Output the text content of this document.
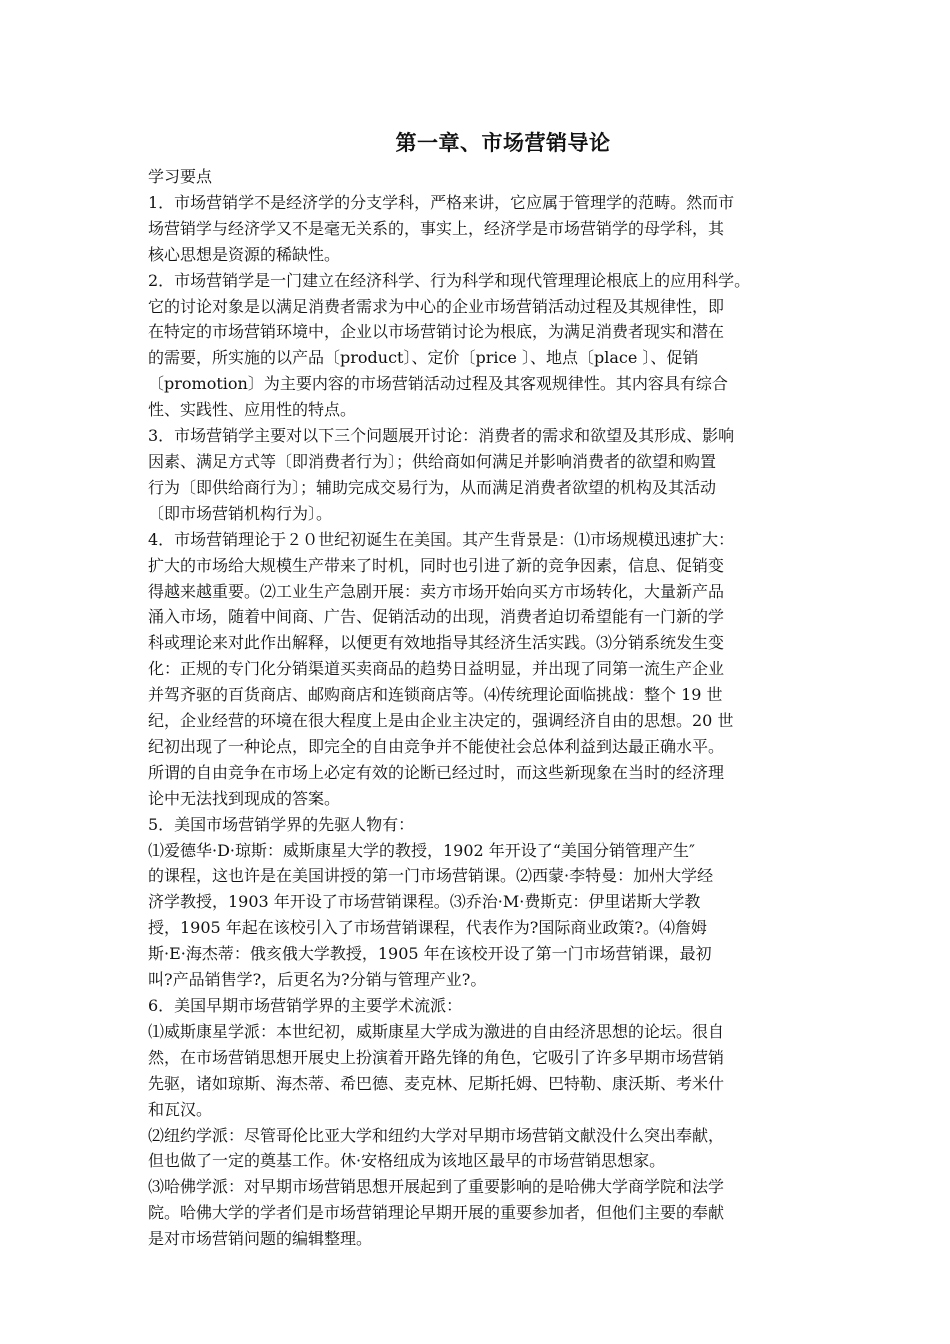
第一章、市场营销导论

学习要点

1．市场营销学不是经济学的分支学科，严格来讲，它应属于管理学的范畴。然而市

场营销学与经济学又不是毫无关系的，事实上，经济学是市场营销学的母学科，其

核心思想是资源的稀缺性。

2．市场营销学是一门建立在经济科学、行为科学和现代管理理论根底上的应用科学。

它的讨论对象是以满足消费者需求为中心的企业市场营销活动过程及其规律性，即

在特定的市场营销环境中，企业以市场营销讨论为根底，为满足消费者现实和潜在

的需要，所实施的以产品〔product〕、定价〔price 〕、地点〔place 〕、促销

〔promotion〕为主要内容的市场营销活动过程及其客观规律性。其内容具有综合

性、实践性、应用性的特点。

3．市场营销学主要对以下三个问题展开讨论：消费者的需求和欲望及其形成、影响

因素、满足方式等〔即消费者行为〕；供给商如何满足并影响消费者的欲望和购置

行为〔即供给商行为〕；辅助完成交易行为，从而满足消费者欲望的机构及其活动

〔即市场营销机构行为〕。

4．市场营销理论于２０世纪初诞生在美国。其产生背景是：⑴市场规模迅速扩大：

扩大的市场给大规模生产带来了时机，同时也引进了新的竞争因素，信息、促销变

得越来越重要。⑵工业生产急剧开展：卖方市场开始向买方市场转化，大量新产品

涌入市场，随着中间商、广告、促销活动的出现，消费者迫切希望能有一门新的学

科或理论来对此作出解释，以便更有效地指导其经济生活实践。⑶分销系统发生变

化：正规的专门化分销渠道买卖商品的趋势日益明显，并出现了同第一流生产企业

并驾齐驱的百货商店、邮购商店和连锁商店等。⑷传统理论面临挑战：整个 19 世

纪，企业经营的环境在很大程度上是由企业主决定的，强调经济自由的思想。20 世

纪初出现了一种论点，即完全的自由竞争并不能使社会总体利益到达最正确水平。

所谓的自由竞争在市场上必定有效的论断已经过时，而这些新现象在当时的经济理

论中无法找到现成的答案。

5．美国市场营销学界的先驱人物有：

⑴爱德华·D·琼斯：威斯康星大学的教授，1902 年开设了“美国分销管理产生″

的课程，这也许是在美国讲授的第一门市场营销课。⑵西蒙·李特曼：加州大学经

济学教授，1903 年开设了市场营销课程。⑶乔治·M·费斯克：伊里诺斯大学教

授，1905 年起在该校引入了市场营销课程，代表作为?国际商业政策?。⑷詹姆

斯·E·海杰蒂：俄亥俄大学教授，1905 年在该校开设了第一门市场营销课，最初

叫?产品销售学?，后更名为?分销与管理产业?。

6．美国早期市场营销学界的主要学术流派：

⑴威斯康星学派：本世纪初，威斯康星大学成为激进的自由经济思想的论坛。很自

然，在市场营销思想开展史上扮演着开路先锋的角色，它吸引了许多早期市场营销

先驱，诸如琼斯、海杰蒂、希巴德、麦克林、尼斯托姆、巴特勒、康沃斯、考米什

和瓦汉。

⑵纽约学派：尽管哥伦比亚大学和纽约大学对早期市场营销文献没什么突出奉献，

但也做了一定的奠基工作。休·安格纽成为该地区最早的市场营销思想家。

⑶哈佛学派：对早期市场营销思想开展起到了重要影响的是哈佛大学商学院和法学

院。哈佛大学的学者们是市场营销理论早期开展的重要参加者，但他们主要的奉献

是对市场营销问题的编辑整理。
